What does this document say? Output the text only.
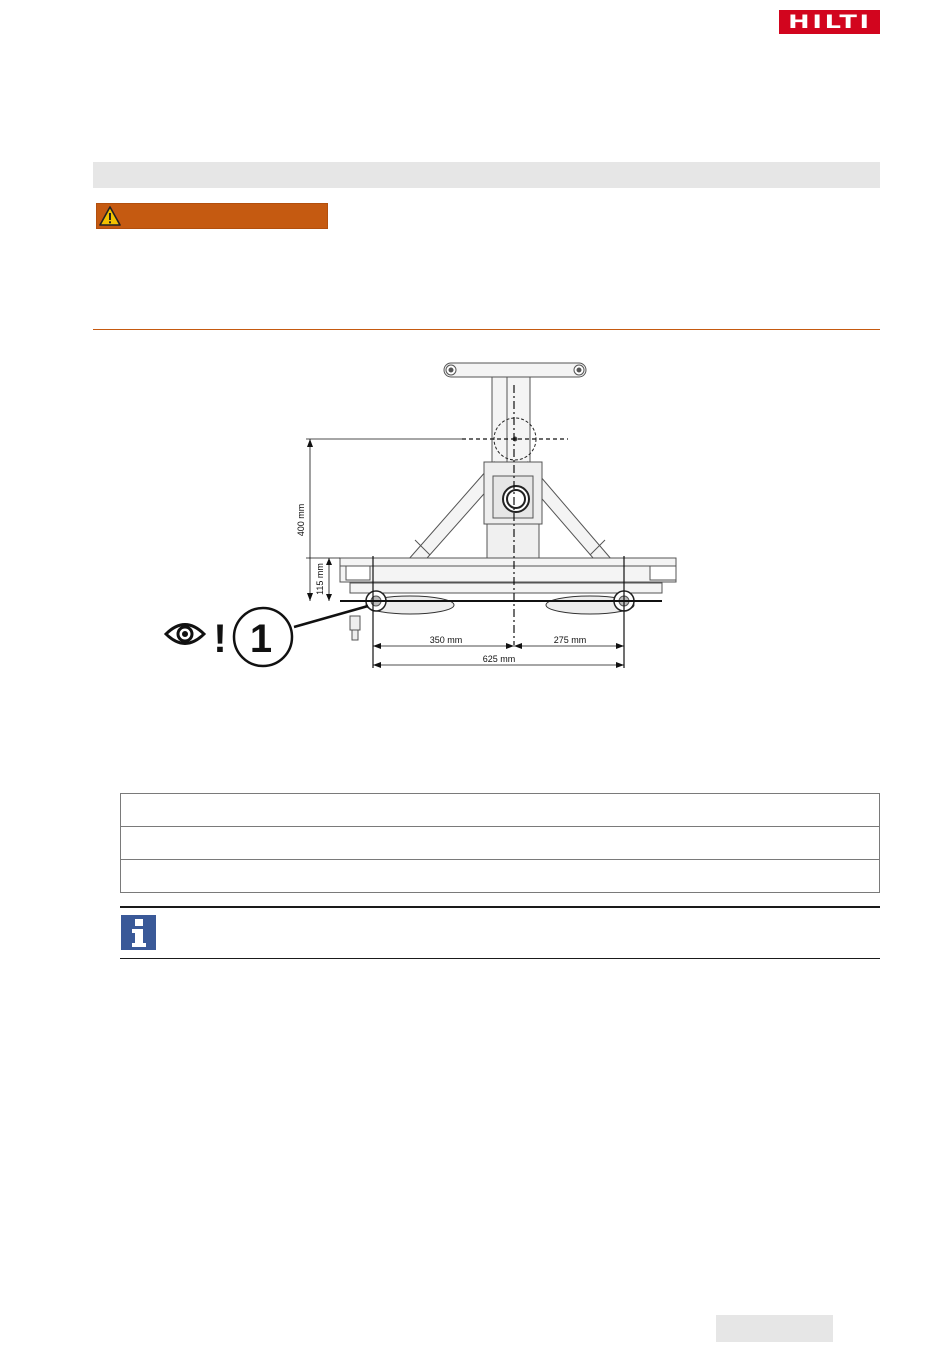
HILTI
400 mm
115 mm
350 mm	275 mm
625 mm
! 1
